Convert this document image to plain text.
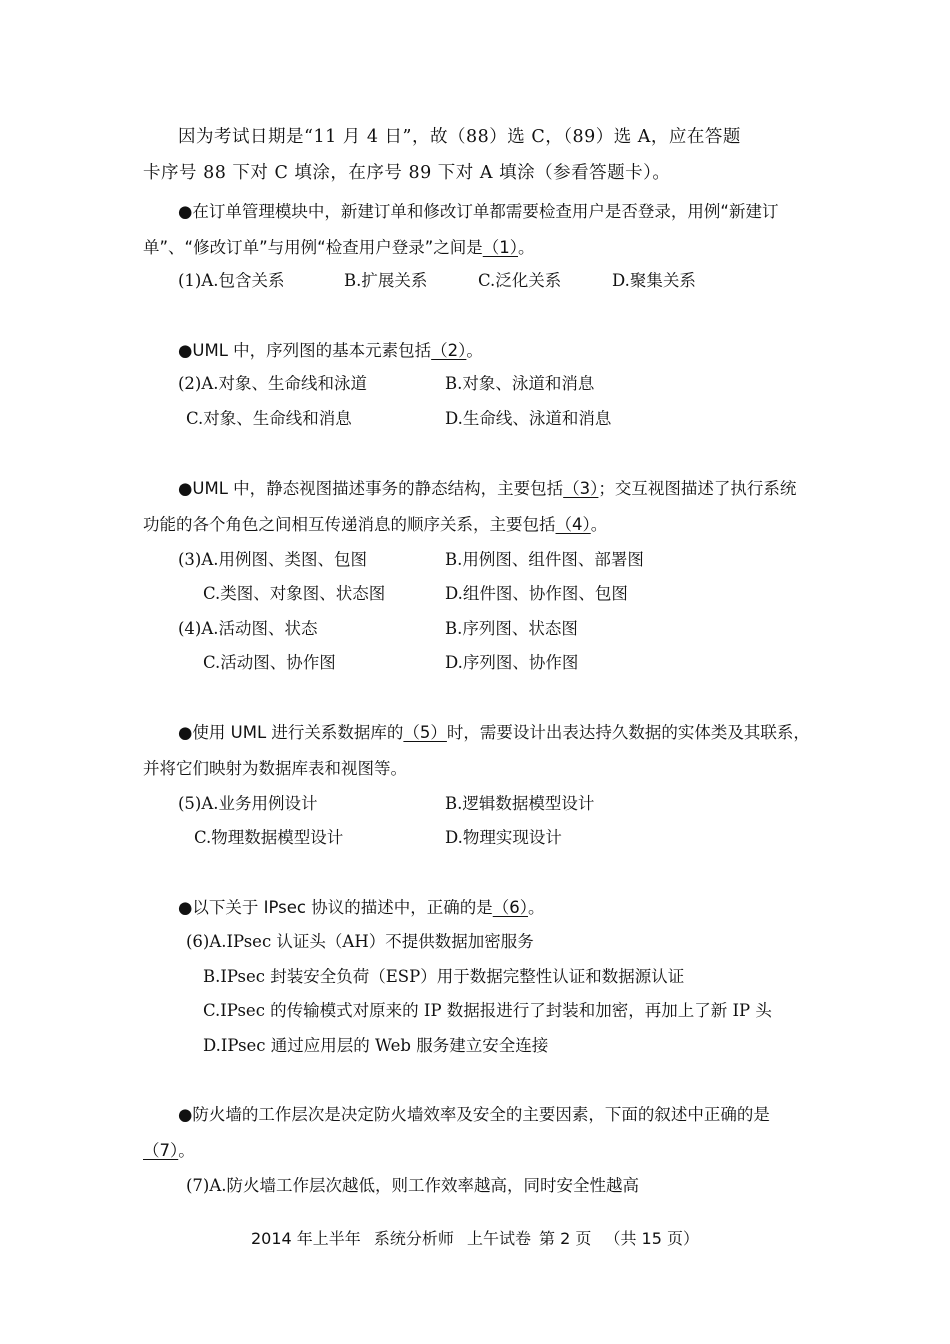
因为考试日期是“11 月 4 日”，故（88）选 C，（89）选 A，应在答题
卡序号 88 下对 C 填涂，在序号 89 下对 A 填涂（参看答题卡）。
●在订单管理模块中，新建订单和修改订单都需要检查用户是否登录，用例“新建订
单”、“修改订单”与用例“检查用户登录”之间是（1）。
(1)A.包含关系	B.扩展关系	C.泛化关系	D.聚集关系
●UML 中，序列图的基本元素包括（2）。
(2)A.对象、生命线和泳道	B.对象、泳道和消息
C.对象、生命线和消息	D.生命线、泳道和消息
●UML 中，静态视图描述事务的静态结构，主要包括（3）；交互视图描述了执行系统
功能的各个角色之间相互传递消息的顺序关系，主要包括（4）。
(3)A.用例图、类图、包图	B.用例图、组件图、部署图
C.类图、对象图、状态图	D.组件图、协作图、包图
(4)A.活动图、状态	B.序列图、状态图
C.活动图、协作图	D.序列图、协作图
●使用 UML 进行关系数据库的（5）时，需要设计出表达持久数据的实体类及其联系，
并将它们映射为数据库表和视图等。
(5)A.业务用例设计	B.逻辑数据模型设计
C.物理数据模型设计	D.物理实现设计
●以下关于 IPsec 协议的描述中，正确的是（6）。
(6)A.IPsec 认证头（AH）不提供数据加密服务
B.IPsec 封装安全负荷（ESP）用于数据完整性认证和数据源认证
C.IPsec 的传输模式对原来的 IP 数据报进行了封装和加密，再加上了新 IP 头
D.IPsec 通过应用层的 Web 服务建立安全连接
●防火墙的工作层次是决定防火墙效率及安全的主要因素，下面的叙述中正确的是
（7）。
(7)A.防火墙工作层次越低，则工作效率越高，同时安全性越高
2014 年上半年 系统分析师 上午试卷 第 2 页 （共 15 页）
